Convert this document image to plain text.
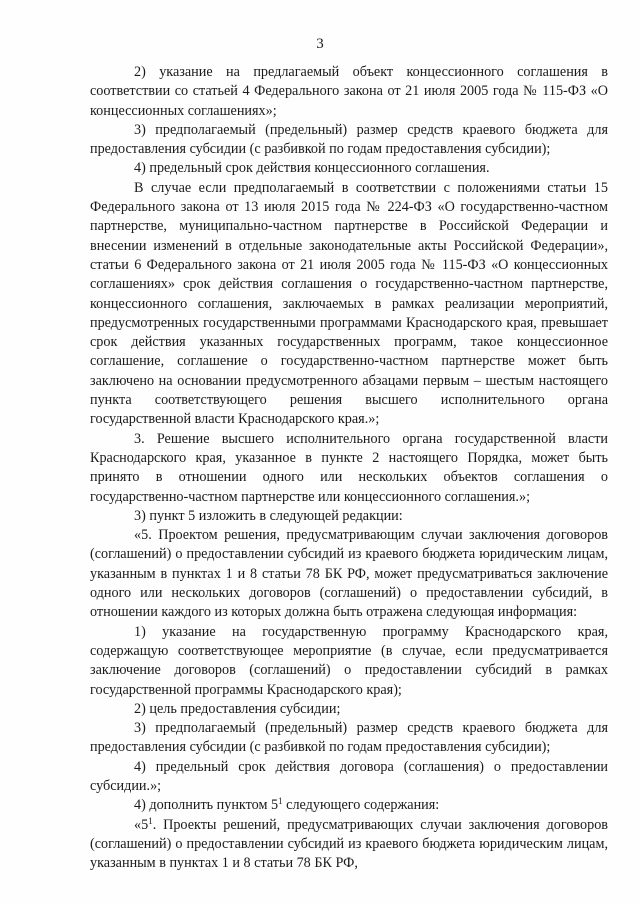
3

2) указание на предлагаемый объект концессионного соглашения в соответствии со статьей 4 Федерального закона от 21 июля 2005 года № 115-ФЗ «О концессионных соглашениях»;

3) предполагаемый (предельный) размер средств краевого бюджета для предоставления субсидии (с разбивкой по годам предоставления субсидии);

4) предельный срок действия концессионного соглашения.

В случае если предполагаемый в соответствии с положениями статьи 15 Федерального закона от 13 июля 2015 года № 224-ФЗ «О государственно-частном партнерстве, муниципально-частном партнерстве в Российской Федерации и внесении изменений в отдельные законодательные акты Российской Федерации», статьи 6 Федерального закона от 21 июля 2005 года № 115-ФЗ «О концессионных соглашениях» срок действия соглашения о государственно-частном партнерстве, концессионного соглашения, заключаемых в рамках реализации мероприятий, предусмотренных государственными программами Краснодарского края, превышает срок действия указанных государственных программ, такое концессионное соглашение, соглашение о государственно-частном партнерстве может быть заключено на основании предусмотренного абзацами первым – шестым настоящего пункта соответствующего решения высшего исполнительного органа государственной власти Краснодарского края.»;

3. Решение высшего исполнительного органа государственной власти Краснодарского края, указанное в пункте 2 настоящего Порядка, может быть принято в отношении одного или нескольких объектов соглашения о государственно-частном партнерстве или концессионного соглашения.»;

3) пункт 5 изложить в следующей редакции:

«5. Проектом решения, предусматривающим случаи заключения договоров (соглашений) о предоставлении субсидий из краевого бюджета юридическим лицам, указанным в пунктах 1 и 8 статьи 78 БК РФ, может предусматриваться заключение одного или нескольких договоров (соглашений) о предоставлении субсидий, в отношении каждого из которых должна быть отражена следующая информация:

1) указание на государственную программу Краснодарского края, содержащую соответствующее мероприятие (в случае, если предусматривается заключение договоров (соглашений) о предоставлении субсидий в рамках государственной программы Краснодарского края);

2) цель предоставления субсидии;

3) предполагаемый (предельный) размер средств краевого бюджета для предоставления субсидии (с разбивкой по годам предоставления субсидии);

4) предельный срок действия договора (соглашения) о предоставлении субсидии.»;

4) дополнить пунктом $5^1$ следующего содержания:

«$5^1$. Проекты решений, предусматривающих случаи заключения договоров (соглашений) о предоставлении субсидий из краевого бюджета юридическим лицам, указанным в пунктах 1 и 8 статьи 78 БК РФ,
